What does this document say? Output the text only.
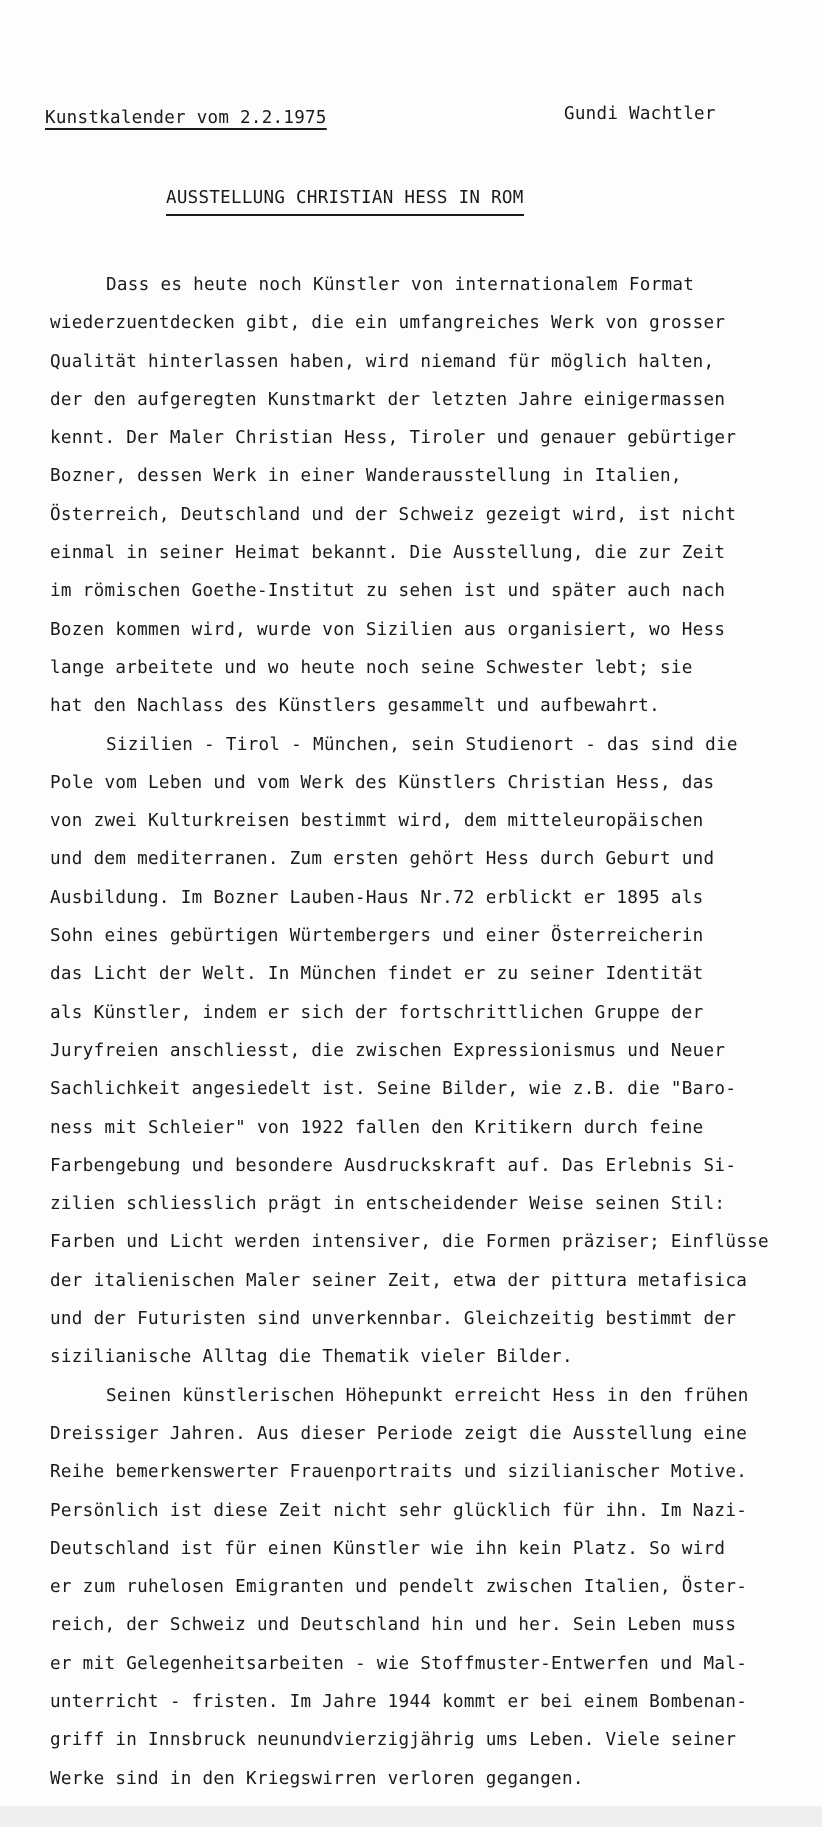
Kunstkalender vom 2.2.1975	Gundi Wachtler
AUSSTELLUNG CHRISTIAN HESS IN ROM
Dass es heute noch Künstler von internationalem Format
wiederzuentdecken gibt, die ein umfangreiches Werk von grosser
Qualität hinterlassen haben, wird niemand für möglich halten,
der den aufgeregten Kunstmarkt der letzten Jahre einigermassen
kennt. Der Maler Christian Hess, Tiroler und genauer gebürtiger
Bozner, dessen Werk in einer Wanderausstellung in Italien,
Österreich, Deutschland und der Schweiz gezeigt wird, ist nicht
einmal in seiner Heimat bekannt. Die Ausstellung, die zur Zeit
im römischen Goethe-Institut zu sehen ist und später auch nach
Bozen kommen wird, wurde von Sizilien aus organisiert, wo Hess
lange arbeitete und wo heute noch seine Schwester lebt; sie
hat den Nachlass des Künstlers gesammelt und aufbewahrt.
Sizilien - Tirol - München, sein Studienort - das sind die
Pole vom Leben und vom Werk des Künstlers Christian Hess, das
von zwei Kulturkreisen bestimmt wird, dem mitteleuropäischen
und dem mediterranen. Zum ersten gehört Hess durch Geburt und
Ausbildung. Im Bozner Lauben-Haus Nr.72 erblickt er 1895 als
Sohn eines gebürtigen Würtembergers und einer Österreicherin
das Licht der Welt. In München findet er zu seiner Identität
als Künstler, indem er sich der fortschrittlichen Gruppe der
Juryfreien anschliesst, die zwischen Expressionismus und Neuer
Sachlichkeit angesiedelt ist. Seine Bilder, wie z.B. die "Baro-
ness mit Schleier" von 1922 fallen den Kritikern durch feine
Farbengebung und besondere Ausdruckskraft auf. Das Erlebnis Si-
zilien schliesslich prägt in entscheidender Weise seinen Stil:
Farben und Licht werden intensiver, die Formen präziser; Einflüsse
der italienischen Maler seiner Zeit, etwa der pittura metafisica
und der Futuristen sind unverkennbar. Gleichzeitig bestimmt der
sizilianische Alltag die Thematik vieler Bilder.
Seinen künstlerischen Höhepunkt erreicht Hess in den frühen
Dreissiger Jahren. Aus dieser Periode zeigt die Ausstellung eine
Reihe bemerkenswerter Frauenportraits und sizilianischer Motive.
Persönlich ist diese Zeit nicht sehr glücklich für ihn. Im Nazi-
Deutschland ist für einen Künstler wie ihn kein Platz. So wird
er zum ruhelosen Emigranten und pendelt zwischen Italien, Öster-
reich, der Schweiz und Deutschland hin und her. Sein Leben muss
er mit Gelegenheitsarbeiten - wie Stoffmuster-Entwerfen und Mal-
unterricht - fristen. Im Jahre 1944 kommt er bei einem Bombenan-
griff in Innsbruck neunundvierzigjährig ums Leben. Viele seiner
Werke sind in den Kriegswirren verloren gegangen.
